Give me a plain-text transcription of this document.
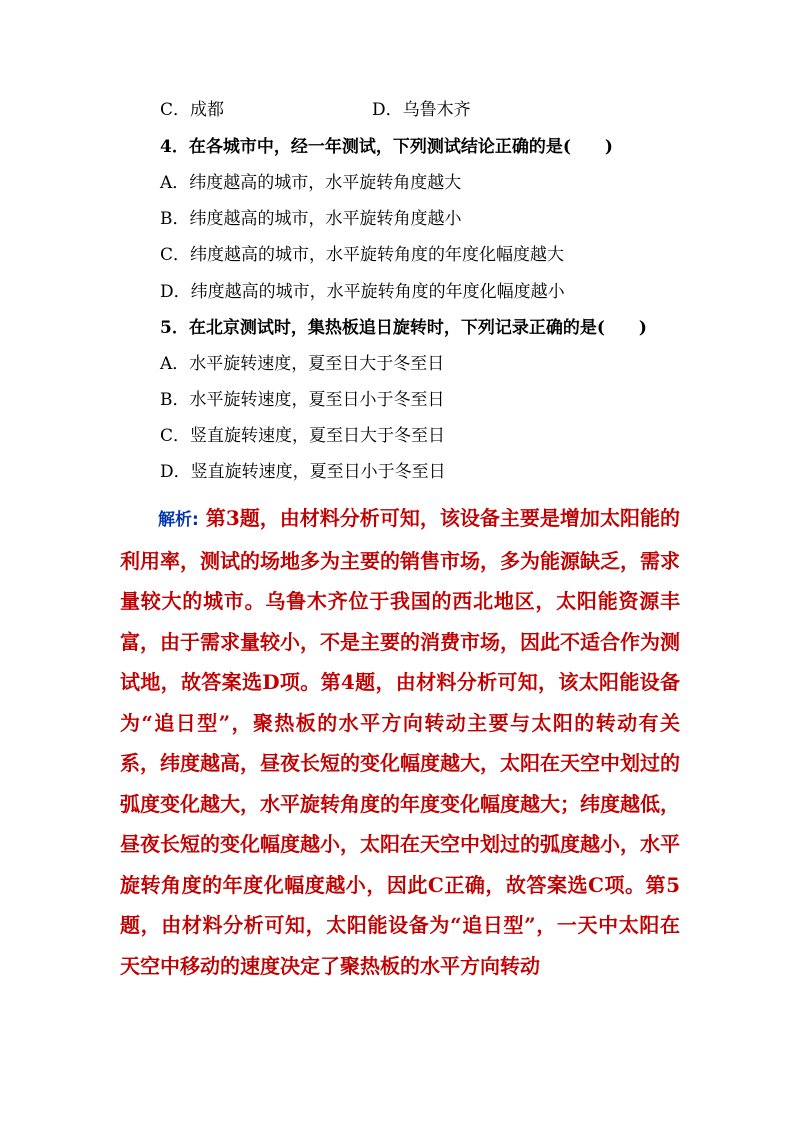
C．成都	D．乌鲁木齐
4．在各城市中，经一年测试，下列测试结论正确的是(　　)
A．纬度越高的城市，水平旋转角度越大
B．纬度越高的城市，水平旋转角度越小
C．纬度越高的城市，水平旋转角度的年度化幅度越大
D．纬度越高的城市，水平旋转角度的年度化幅度越小
5．在北京测试时，集热板追日旋转时，下列记录正确的是(　　)
A．水平旋转速度，夏至日大于冬至日
B．水平旋转速度，夏至日小于冬至日
C．竖直旋转速度，夏至日大于冬至日
D．竖直旋转速度，夏至日小于冬至日
解析: 第3题，由材料分析可知，该设备主要是增加太阳能的利用率，测试的场地多为主要的销售市场，多为能源缺乏，需求量较大的城市。乌鲁木齐位于我国的西北地区，太阳能资源丰富，由于需求量较小，不是主要的消费市场，因此不适合作为测试地，故答案选D项。第4题，由材料分析可知，该太阳能设备为“追日型”，聚热板的水平方向转动主要与太阳的转动有关系，纬度越高，昼夜长短的变化幅度越大，太阳在天空中划过的弧度变化越大，水平旋转角度的年度变化幅度越大；纬度越低，昼夜长短的变化幅度越小，太阳在天空中划过的弧度越小，水平旋转角度的年度化幅度越小，因此C正确，故答案选C项。第5题，由材料分析可知，太阳能设备为“追日型”，一天中太阳在天空中移动的速度决定了聚热板的水平方向转动
